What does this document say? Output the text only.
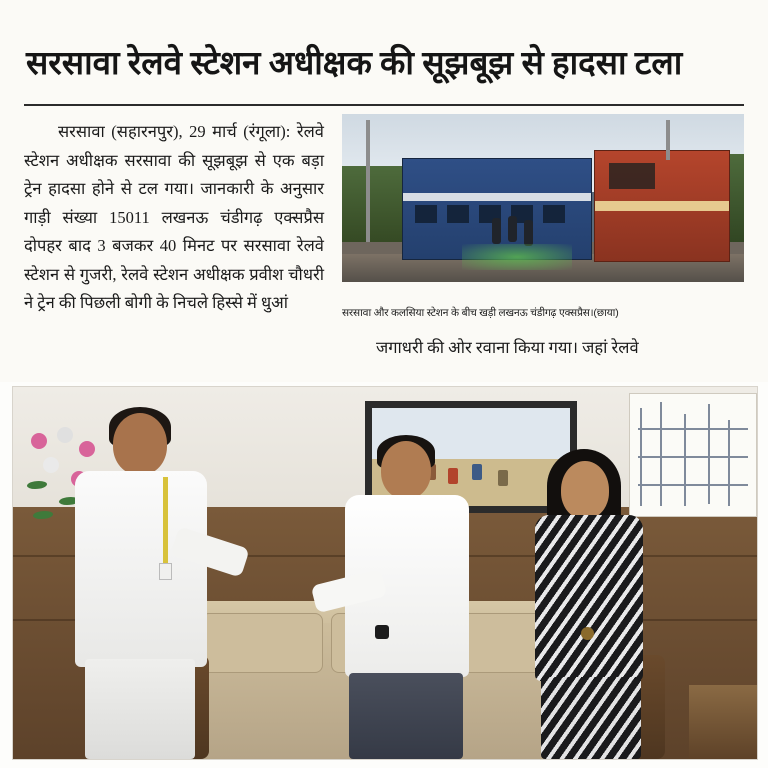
सरसावा रेलवे स्टेशन अधीक्षक की सूझबूझ से हादसा टला
सरसावा (सहारनपुर), 29 मार्च (रंगूला): रेलवे स्टेशन अधीक्षक सरसावा की सूझबूझ से एक बड़ा ट्रेन हादसा होने से टल गया। जानकारी के अनुसार गाड़ी संख्या 15011 लखनऊ चंडीगढ़ एक्सप्रैस दोपहर बाद 3 बजकर 40 मिनट पर सरसावा रेलवे स्टेशन से गुजरी, रेलवे स्टेशन अधीक्षक प्रवीश चौधरी ने ट्रेन की पिछली बोगी के निचले हिस्से में धुआं
सरसावा और कलसिया स्टेशन के बीच खड़ी लखनऊ चंडीगढ़ एक्सप्रैस।(छाया)
जगाधरी की ओर रवाना किया गया। जहां रेलवे
